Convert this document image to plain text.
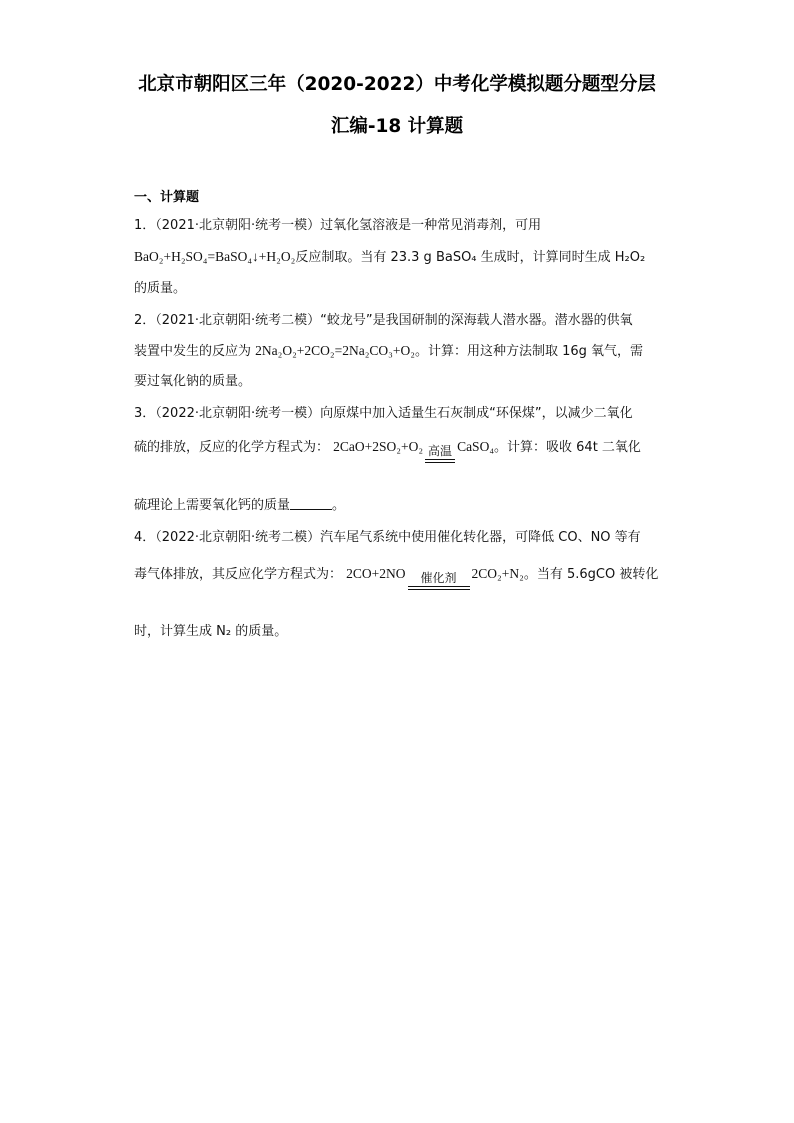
北京市朝阳区三年（2020-2022）中考化学模拟题分题型分层
汇编-18 计算题
一、计算题
1．（2021·北京朝阳·统考一模）过氧化氢溶液是一种常见消毒剂，可用
BaO₂+H₂SO₄=BaSO₄↓+H₂O₂反应制取。当有 23.3 g BaSO₄ 生成时，计算同时生成 H₂O₂
的质量。
2．（2021·北京朝阳·统考二模）“蛟龙号”是我国研制的深海载人潜水器。潜水器的供氧
装置中发生的反应为 2Na₂O₂+2CO₂=2Na₂CO₃+O₂。计算：用这种方法制取 16g 氧气，需
要过氧化钠的质量。
3．（2022·北京朝阳·统考一模）向原煤中加入适量生石灰制成“环保煤”，以减少二氧化
硫的排放，反应的化学方程式为： 2CaO+2SO₂+O₂ 高温 CaSO₄。计算：吸收 64t 二氧化
硫理论上需要氧化钙的质量	。
4．（2022·北京朝阳·统考二模）汽车尾气系统中使用催化转化器，可降低 CO、NO 等有
毒气体排放，其反应化学方程式为： 2CO+2NO	催化剂	2CO₂+N₂。当有 5.6gCO 被转化
时，计算生成 N₂ 的质量。
